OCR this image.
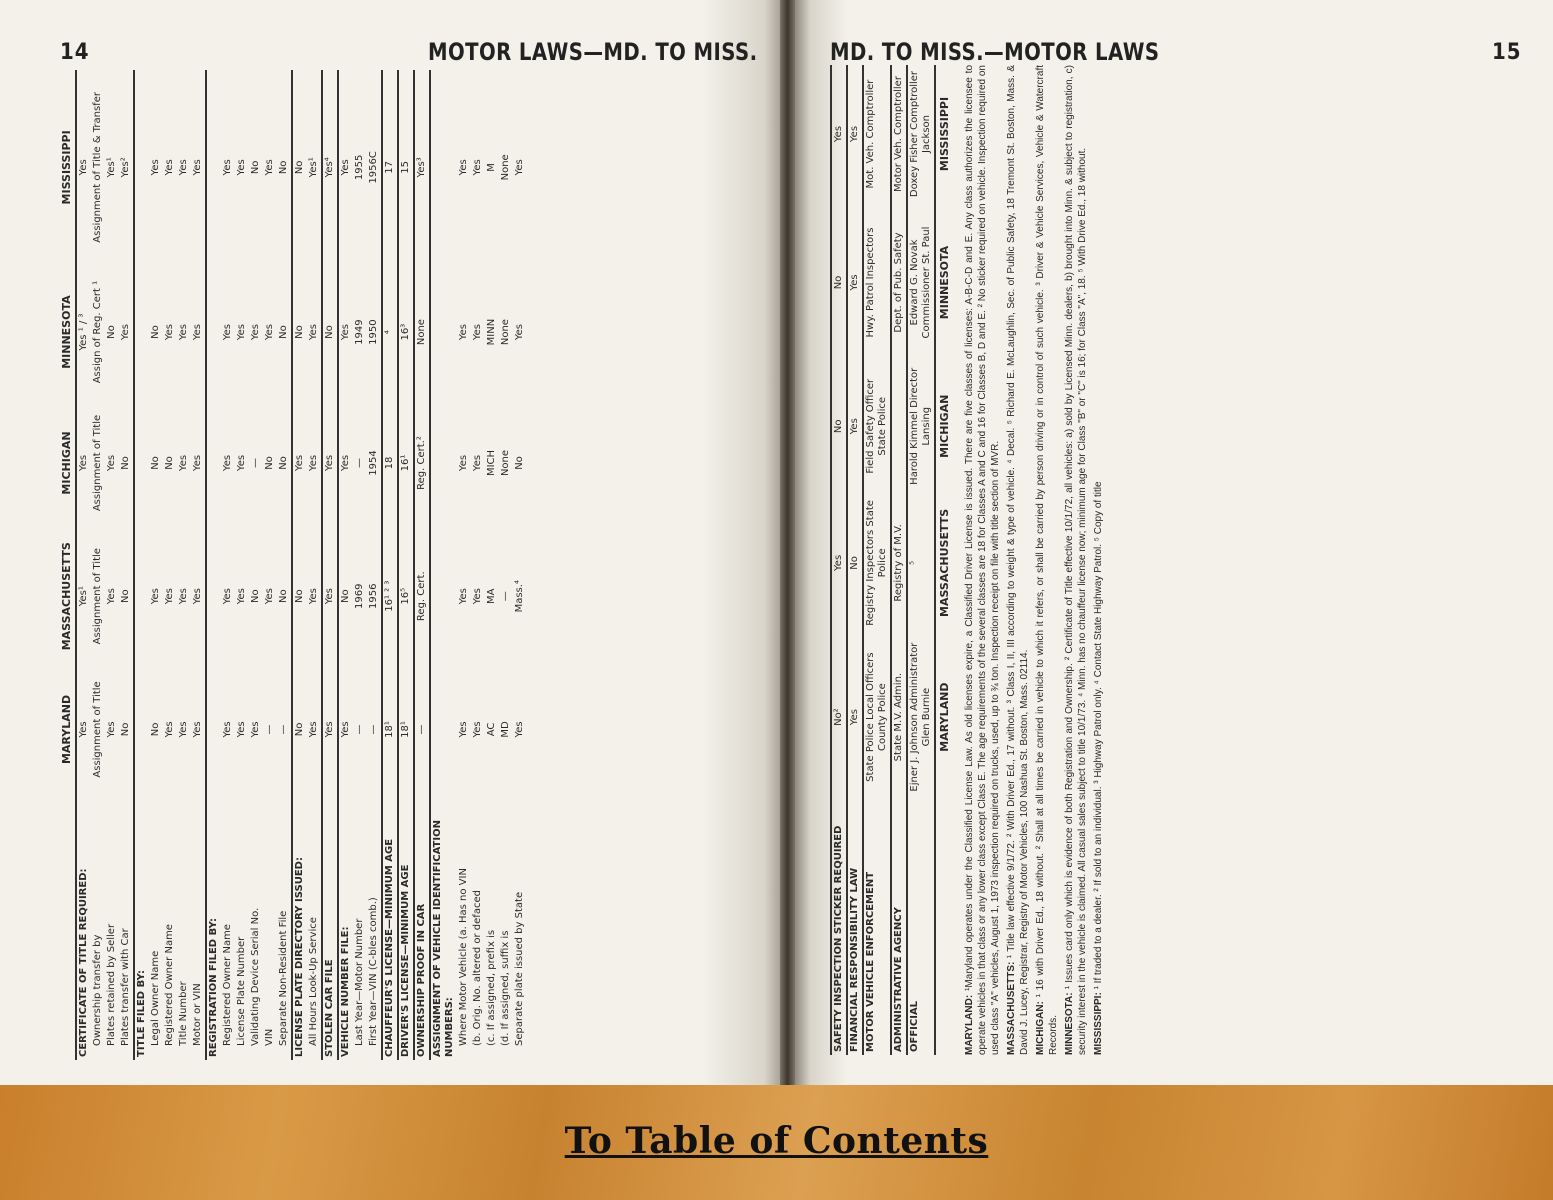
14	MOTOR LAWS—MD. TO MISS.
	MARYLAND	MASSACHUSETTS	MICHIGAN	MINNESOTA	MISSISSIPPI
CERTIFICATE OF TITLE REQUIRED:	Yes	Yes¹	Yes	Yes ¹ / ³	Yes
Ownership transfer by	Assignment of Title	Assignment of Title	Assignment of Title	Assign of Reg. Cert ¹	Assignment of Title & Transfer
Plates retained by Seller	Yes	Yes	Yes	No	Yes¹
Plates transfer with Car	No	No	No	Yes	Yes²
TITLE FILED BY:					
Legal Owner Name	No	Yes	No	No	Yes
Registered Owner Name	Yes	Yes	No	Yes	Yes
Title Number	Yes	Yes	Yes	Yes	Yes
Motor or VIN	Yes	Yes	Yes	Yes	Yes
REGISTRATION FILED BY:					
Registered Owner Name	Yes	Yes	Yes	Yes	Yes
License Plate Number	Yes	Yes	Yes	Yes	Yes
Validating Device Serial No.	Yes	No	—	Yes	No
VIN	—	Yes	No	Yes	Yes
Separate Non-Resident File	—	No	No	No	No
LICENSE PLATE DIRECTORY ISSUED:	No	No	Yes	No	No
All Hours Look-Up Service	Yes	Yes	Yes	Yes	Yes¹
STOLEN CAR FILE	Yes	Yes	Yes	No	Yes⁴
VEHICLE NUMBER FILE:	Yes	No	Yes	Yes	Yes
Last Year—Motor Number	—	1969	—	1949	1955
First Year—VIN (C-bles comb.)	—	1956	1954	1950	1956C
CHAUFFEUR'S LICENSE—MINIMUM AGE	18¹	16¹ ² ³	18	⁴	17
DRIVER'S LICENSE—MINIMUM AGE	18¹	16⁵	16¹	16³	15
OWNERSHIP PROOF IN CAR	—	Reg. Cert.	Reg. Cert.²	None	Yes³
ASSIGNMENT OF VEHICLE IDENTIFICATION NUMBERS:					
Where Motor Vehicle (a. Has no VIN	Yes	Yes	Yes	Yes	Yes
(b. Orig. No. altered or defaced	Yes	Yes	Yes	Yes	Yes
(c. If assigned, prefix is	AC	MA	MICH	MINN	M
(d. If assigned, suffix is	MD	—	None	None	None
Separate plate issued by State	Yes	Mass.⁴	No	Yes	Yes
MD. TO MISS.—MOTOR LAWS	15
SAFETY INSPECTION STICKER REQUIRED	No²	Yes	No	No	Yes
FINANCIAL RESPONSIBILITY LAW	Yes	No	Yes	Yes	Yes
MOTOR VEHICLE ENFORCEMENT	State Police Local Officers County Police	Registry Inspectors State Police	Field Safety Officer State Police	Hwy. Patrol Inspectors	Mot. Veh. Comptroller
ADMINISTRATIVE AGENCY	State M.V. Admin.	Registry of M.V.		Dept. of Pub. Safety	Motor Veh. Comptroller
OFFICIAL	Ejner J. Johnson Administrator Glen Burnie	⁵	Harold Kimmel Director Lansing	Edward G. Novak Commissioner St. Paul	Doxey Fisher Comptroller Jackson
	MARYLAND	MASSACHUSETTS	MICHIGAN	MINNESOTA	MISSISSIPPI
MARYLAND: ¹Maryland operates under the Classified License Law. As old licenses expire, a Classified Driver License is issued. There are five classes of licenses: A-B-C-D and E. Any class authorizes the licensee to operate vehicles in that class or any lower class except Class E. The age requirements of the several classes are 18 for Classes A and C and 16 for Classes B, D and E. ² No sticker required on vehicle. Inspection required on used class "A" vehicles, August 1, 1973 inspection required on trucks, used, up to ¾ ton. Inspection receipt on file with title section of MVR. MASSACHUSETTS: ¹ Title law effective 9/1/72. ² With Driver Ed., 17 without. ³ Class I, II, III according to weight & type of vehicle. ⁴ Decal. ⁵ Richard E. McLaughlin, Sec. of Public Safety, 18 Tremont St. Boston, Mass. & David J. Lucey, Registrar, Registry of Motor Vehicles, 100 Nashua St. Boston, Mass. 02114. MICHIGAN: ¹ 16 with Driver Ed., 18 without. ² Shall at all times be carried in vehicle to which it refers, or shall be carried by person driving or in control of such vehicle. ³ Driver & Vehicle Services, Vehicle & Watercraft Records. MINNESOTA: ¹ Issues card only which is evidence of both Registration and Ownership. ² Certificate of Title effective 10/1/72, all vehicles: a) sold by Licensed Minn. dealers, b) brought into Minn. & subject to registration, c) security interest in the vehicle is claimed. All casual sales subject to title 10/1/73. ⁴ Minn. has no chauffeur license now; minimum age for Class "B" or "C" is 16; for Class "A", 18. ⁵ With Drive Ed., 18 without. MISSISSIPPI: ¹ If traded to a dealer. ² If sold to an individual. ³ Highway Patrol only. ⁴ Contact State Highway Patrol. ⁵ Copy of title
To Table of Contents
